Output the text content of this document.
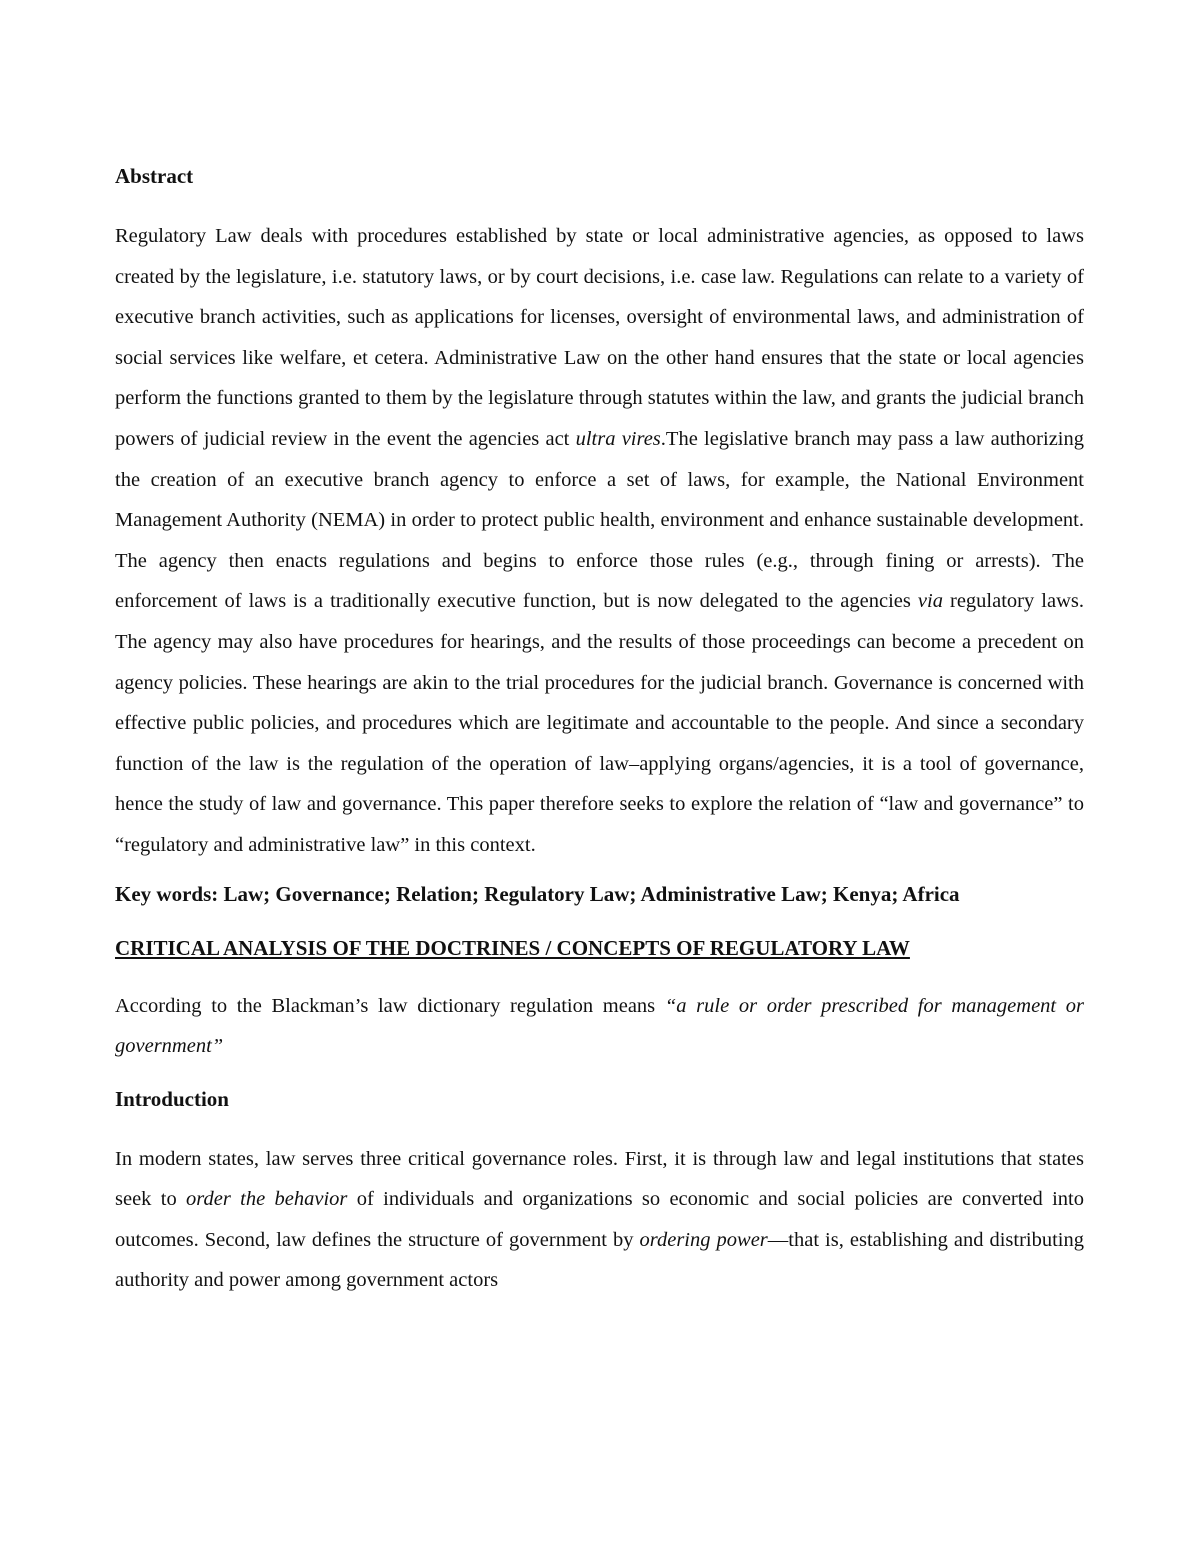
Abstract

Regulatory Law deals with procedures established by state or local administrative agencies, as opposed to laws created by the legislature, i.e. statutory laws, or by court decisions, i.e. case law. Regulations can relate to a variety of executive branch activities, such as applications for licenses, oversight of environmental laws, and administration of social services like welfare, et cetera. Administrative Law on the other hand ensures that the state or local agencies perform the functions granted to them by the legislature through statutes within the law, and grants the judicial branch powers of judicial review in the event the agencies act ultra vires.The legislative branch may pass a law authorizing the creation of an executive branch agency to enforce a set of laws, for example, the National Environment Management Authority (NEMA) in order to protect public health, environment and enhance sustainable development. The agency then enacts regulations and begins to enforce those rules (e.g., through fining or arrests). The enforcement of laws is a traditionally executive function, but is now delegated to the agencies via regulatory laws. The agency may also have procedures for hearings, and the results of those proceedings can become a precedent on agency policies. These hearings are akin to the trial procedures for the judicial branch. Governance is concerned with effective public policies, and procedures which are legitimate and accountable to the people. And since a secondary function of the law is the regulation of the operation of law–applying organs/agencies, it is a tool of governance, hence the study of law and governance. This paper therefore seeks to explore the relation of “law and governance” to “regulatory and administrative law” in this context.

Key words: Law; Governance; Relation; Regulatory Law; Administrative Law; Kenya; Africa
CRITICAL ANALYSIS OF THE DOCTRINES / CONCEPTS OF REGULATORY LAW

According to the Blackman’s law dictionary regulation means “a rule or order prescribed for management or government”

Introduction

In modern states, law serves three critical governance roles. First, it is through law and legal institutions that states seek to order the behavior of individuals and organizations so economic and social policies are converted into outcomes. Second, law defines the structure of government by ordering power—that is, establishing and distributing authority and power among government actors
